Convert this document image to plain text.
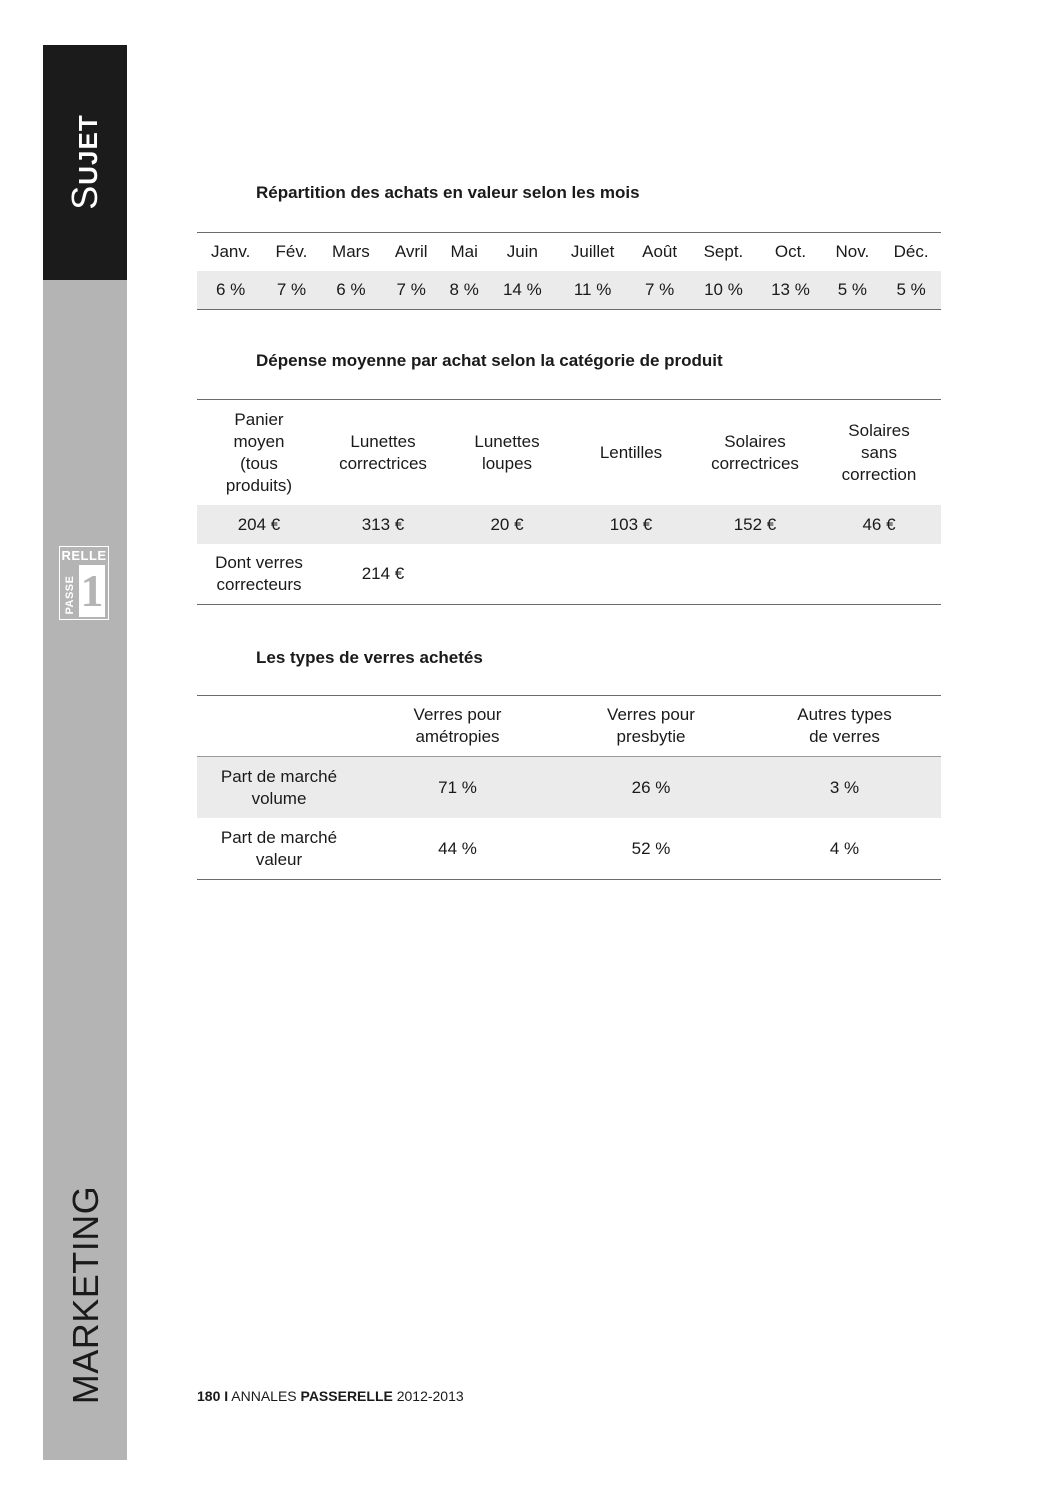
SUJET
MARKETING
RELLE
PASSE 1
Répartition des achats en valeur selon les mois
Janv.	Fév.	Mars	Avril	Mai	Juin	Juillet	Août	Sept.	Oct.	Nov.	Déc.
6 %	7 %	6 %	7 %	8 %	14 %	11 %	7 %	10 %	13 %	5 %	5 %
Dépense moyenne par achat selon la catégorie de produit
Panier moyen (tous produits)	Lunettes correctrices	Lunettes loupes	Lentilles	Solaires correctrices	Solaires sans correction

204 €	313 €	20 €	103 €	152 €	46 €

Dont verres correcteurs	214 €				
Les types de verres achetés

	Verres pour amétropies	Verres pour presbytie	Autres types de verres

Part de marché volume	71 %	26 %	3 %

Part de marché valeur	44 %	52 %	4 %
180 I ANNALES PASSERELLE 2012-2013
